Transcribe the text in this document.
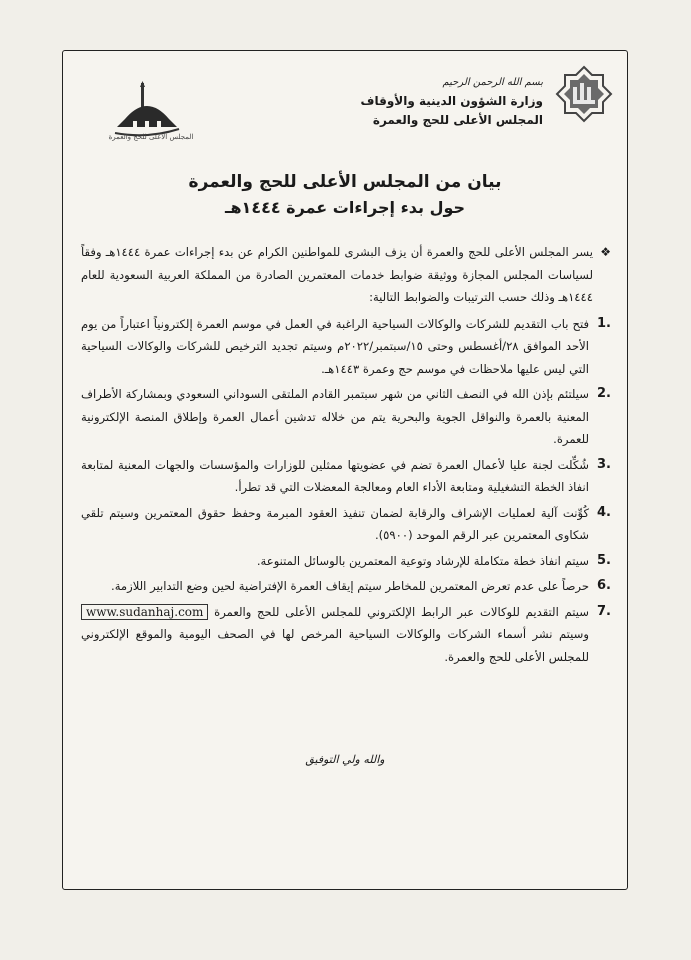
بسم الله الرحمن الرحيم
وزارة الشؤون الدينية والأوقاف
المجلس الأعلى للحج والعمرة
المجلس الأعلى للحج والعمرة
بيان من المجلس الأعلى للحج والعمرة
حول بدء إجراءات عمرة ١٤٤٤هـ
❖
يسر المجلس الأعلى للحج والعمرة أن يزف البشرى للمواطنين الكرام عن بدء إجراءات عمرة ١٤٤٤هـ وفقاً لسياسات المجلس المجازة ووثيقة ضوابط خدمات المعتمرين الصادرة من المملكة العربية السعودية للعام ١٤٤٤هـ وذلك حسب الترتيبات والضوابط التالية:
1.
فتح باب التقديم للشركات والوكالات السياحية الراغبة في العمل في موسم العمرة إلكترونياً اعتباراً من يوم الأحد الموافق ٢٨/أغسطس وحتى ١٥/سبتمبر/٢٠٢٢م وسيتم تجديد الترخيص للشركات والوكالات السياحية التي ليس عليها ملاحظات في موسم حج وعمرة ١٤٤٣هـ.
2.
سيلتئم بإذن الله في النصف الثاني من شهر سبتمبر القادم الملتقى السوداني السعودي وبمشاركة الأطراف المعنية بالعمرة والنواقل الجوية والبحرية يتم من خلاله تدشين أعمال العمرة وإطلاق المنصة الإلكترونية للعمرة.
3.
شُكِّلت لجنة عليا لأعمال العمرة تضم في عضويتها ممثلين للوزارات والمؤسسات والجهات المعنية لمتابعة انفاذ الخطة التشغيلية ومتابعة الأداء العام ومعالجة المعضلات التي قد تطرأ.
4.
كُوِّنت آلية لعمليات الإشراف والرقابة لضمان تنفيذ العقود المبرمة وحفظ حقوق المعتمرين وسيتم تلقي شكاوى المعتمرين عبر الرقم الموحد (٥٩٠٠).
5.
سيتم انفاذ خطة متكاملة للإرشاد وتوعية المعتمرين بالوسائل المتنوعة.
6.
حرصاً على عدم تعرض المعتمرين للمخاطر سيتم إيقاف العمرة الإفتراضية لحين وضع التدابير اللازمة.
7.
سيتم التقديم للوكالات عبر الرابط الإلكتروني للمجلس الأعلى للحج والعمرة www.sudanhaj.com وسيتم نشر أسماء الشركات والوكالات السياحية المرخص لها في الصحف اليومية والموقع الإلكتروني للمجلس الأعلى للحج والعمرة.
والله ولي التوفيق
